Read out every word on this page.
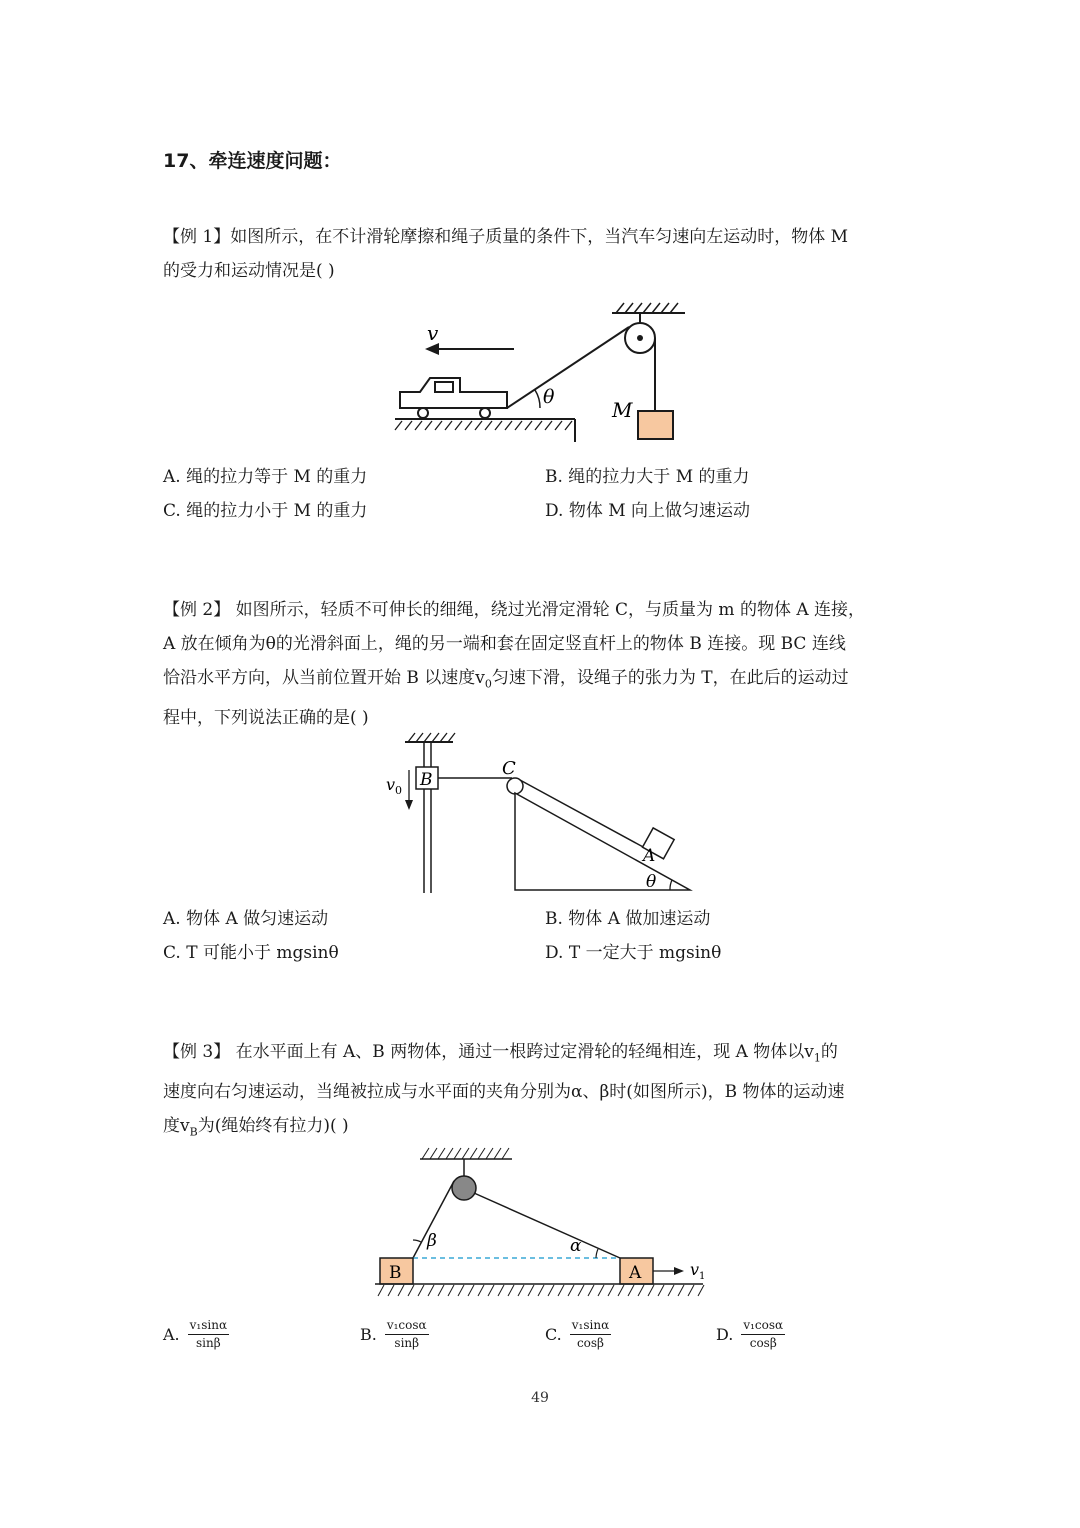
17、牵连速度问题：
【例 1】如图所示，在不计滑轮摩擦和绳子质量的条件下，当汽车匀速向左运动时，物体 M
的受力和运动情况是( )
M
θ
v
A. 绳的拉力等于 M 的重力	B. 绳的拉力大于 M 的重力
C. 绳的拉力小于 M 的重力	D. 物体 M 向上做匀速运动
【例 2】 如图所示，轻质不可伸长的细绳，绕过光滑定滑轮 C，与质量为 m 的物体 A 连接，
A 放在倾角为θ的光滑斜面上，绳的另一端和套在固定竖直杆上的物体 B 连接。现 BC 连线
恰沿水平方向，从当前位置开始 B 以速度$v_0$匀速下滑，设绳子的张力为 T，在此后的运动过
程中，下列说法正确的是( )
B
$v_0$
C
A
θ
A. 物体 A 做匀速运动	B. 物体 A 做加速运动
C. T 可能小于 mgsinθ	D. T 一定大于 mgsinθ
【例 3】 在水平面上有 A、B 两物体，通过一根跨过定滑轮的轻绳相连，现 A 物体以$v_1$的
速度向右匀速运动，当绳被拉成与水平面的夹角分别为α、β时(如图所示)，B 物体的运动速
度$v_B$为(绳始终有拉力)( )
β	α
B	A	$v_1$
A. $\frac{\text{v₁sinα}}{\sin\beta}$	B. $\frac{\text{v₁cosα}}{\sin\beta}$	C. $\frac{\text{v₁sinα}}{\cos\beta}$	D. $\frac{\text{v₁cosα}}{\cos\beta}$
49
